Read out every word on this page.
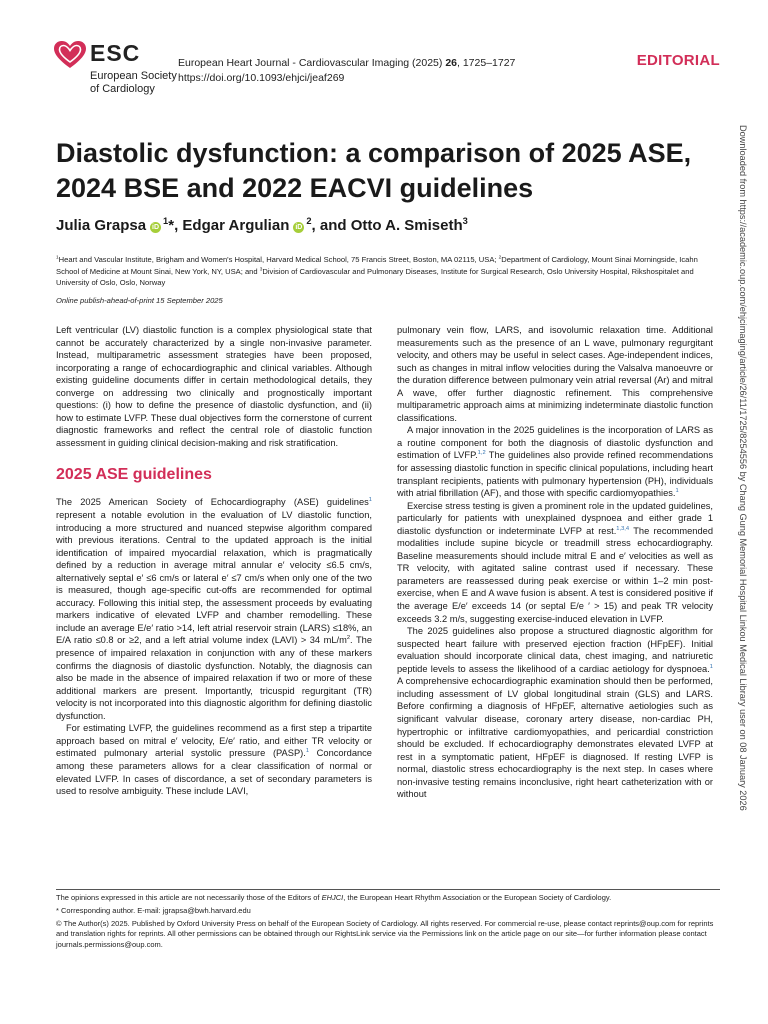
ESC
European Society
of Cardiology
European Heart Journal - Cardiovascular Imaging (2025) 26, 1725–1727
https://doi.org/10.1093/ehjci/jeaf269
EDITORIAL
Diastolic dysfunction: a comparison of 2025 ASE, 2024 BSE and 2022 EACVI guidelines
Julia Grapsa $iD^1*$, Edgar Argulian $iD^2$, and Otto A. Smiseth$^3$
$^1$Heart and Vascular Institute, Brigham and Women's Hospital, Harvard Medical School, 75 Francis Street, Boston, MA 02115, USA; $^2$Department of Cardiology, Mount Sinai Morningside, Icahn School of Medicine at Mount Sinai, New York, NY, USA; and $^3$Division of Cardiovascular and Pulmonary Diseases, Institute for Surgical Research, Oslo University Hospital, Rikshospitalet and University of Oslo, Oslo, Norway
Online publish-ahead-of-print 15 September 2025

Left ventricular (LV) diastolic function is a complex physiological state that cannot be accurately characterized by a single non-invasive parameter. Instead, multiparametric assessment strategies have been proposed, incorporating a range of echocardiographic and clinical variables. Although existing guideline documents differ in certain methodological details, they converge on addressing two clinically and prognostically important questions: (i) how to define the presence of diastolic dysfunction, and (ii) how to estimate LVFP. These dual objectives form the cornerstone of current diagnostic frameworks and reflect the central role of diastolic function assessment in guiding clinical decision-making and risk stratification.

2025 ASE guidelines

The 2025 American Society of Echocardiography (ASE) guidelines$^1$ represent a notable evolution in the evaluation of LV diastolic function, introducing a more structured and nuanced stepwise algorithm compared with previous iterations. Central to the updated approach is the initial identification of impaired myocardial relaxation, which is pragmatically defined by a reduction in average mitral annular e′ velocity ≤6.5 cm/s, alternatively septal e′ ≤6 cm/s or lateral e′ ≤7 cm/s when only one of the two is measured, though age-specific cut-offs are recommended for optimal accuracy. Following this initial step, the assessment proceeds by evaluating markers indicative of elevated LVFP and chamber remodelling. These include an average E/e′ ratio >14, left atrial reservoir strain (LARS) ≤18%, an E/A ratio ≤0.8 or ≥2, and a left atrial volume index (LAVI) > 34 $mL/m^2$. The presence of impaired relaxation in conjunction with any of these markers confirms the diagnosis of diastolic dysfunction. Notably, the diagnosis can also be made in the absence of impaired relaxation if two or more of these additional markers are present. Importantly, tricuspid regurgitant (TR) velocity is not incorporated into this diagnostic algorithm for defining diastolic dysfunction.

For estimating LVFP, the guidelines recommend as a first step a tripartite approach based on mitral e′ velocity, E/e′ ratio, and either TR velocity or estimated pulmonary arterial systolic pressure (PASP).$^1$ Concordance among these parameters allows for a clear classification of normal or elevated LVFP. In cases of discordance, a set of secondary parameters is used to resolve ambiguity. These include LAVI,

pulmonary vein flow, LARS, and isovolumic relaxation time. Additional measurements such as the presence of an L wave, pulmonary regurgitant velocity, and others may be useful in select cases. Age-independent indices, such as changes in mitral inflow velocities during the Valsalva manoeuvre or the duration difference between pulmonary vein atrial reversal (Ar) and mitral A wave, offer further diagnostic refinement. This comprehensive multiparametric approach aims at minimizing indeterminate diastolic function classifications.

A major innovation in the 2025 guidelines is the incorporation of LARS as a routine component for both the diagnosis of diastolic dysfunction and estimation of LVFP.$^{1,2}$ The guidelines also provide refined recommendations for assessing diastolic function in specific clinical populations, including heart transplant recipients, patients with pulmonary hypertension (PH), individuals with atrial fibrillation (AF), and those with specific cardiomyopathies.$^1$

Exercise stress testing is given a prominent role in the updated guidelines, particularly for patients with unexplained dyspnoea and either grade 1 diastolic dysfunction or indeterminate LVFP at rest.$^{1,3,4}$ The recommended modalities include supine bicycle or treadmill stress echocardiography. Baseline measurements should include mitral E and e′ velocities as well as TR velocity, with agitated saline contrast used if necessary. These parameters are reassessed during peak exercise or within 1–2 min post-exercise, when E and A wave fusion is absent. A test is considered positive if the average E/e′ exceeds 14 (or septal E/e ′ > 15) and peak TR velocity exceeds 3.2 m/s, suggesting exercise-induced elevation in LVFP.

The 2025 guidelines also propose a structured diagnostic algorithm for suspected heart failure with preserved ejection fraction (HFpEF). Initial evaluation should incorporate clinical data, chest imaging, and natriuretic peptide levels to assess the likelihood of a cardiac aetiology for dyspnoea.$^1$ A comprehensive echocardiographic examination should then be performed, including assessment of LV global longitudinal strain (GLS) and LARS. Before confirming a diagnosis of HFpEF, alternative aetiologies such as significant valvular disease, coronary artery disease, non-cardiac PH, hypertrophic or infiltrative cardiomyopathies, and pericardial constriction should be excluded. If echocardiography demonstrates elevated LVFP at rest in a symptomatic patient, HFpEF is diagnosed. If resting LVFP is normal, diastolic stress echocardiography is the next step. In cases where non-invasive testing remains inconclusive, right heart catheterization with or without

The opinions expressed in this article are not necessarily those of the Editors of EHJCI, the European Heart Rhythm Association or the European Society of Cardiology.

* Corresponding author. E-mail: jgrapsa@bwh.harvard.edu

© The Author(s) 2025. Published by Oxford University Press on behalf of the European Society of Cardiology. All rights reserved. For commercial re-use, please contact reprints@oup.com for reprints and translation rights for reprints. All other permissions can be obtained through our RightsLink service via the Permissions link on the article page on our site—for further information please contact journals.permissions@oup.com.

Downloaded from https://academic.oup.com/ehjcimaging/article/26/11/1725/8254556 by Chang Gung Memorial Hospital Linkou Medical Library user on 08 January 2026
